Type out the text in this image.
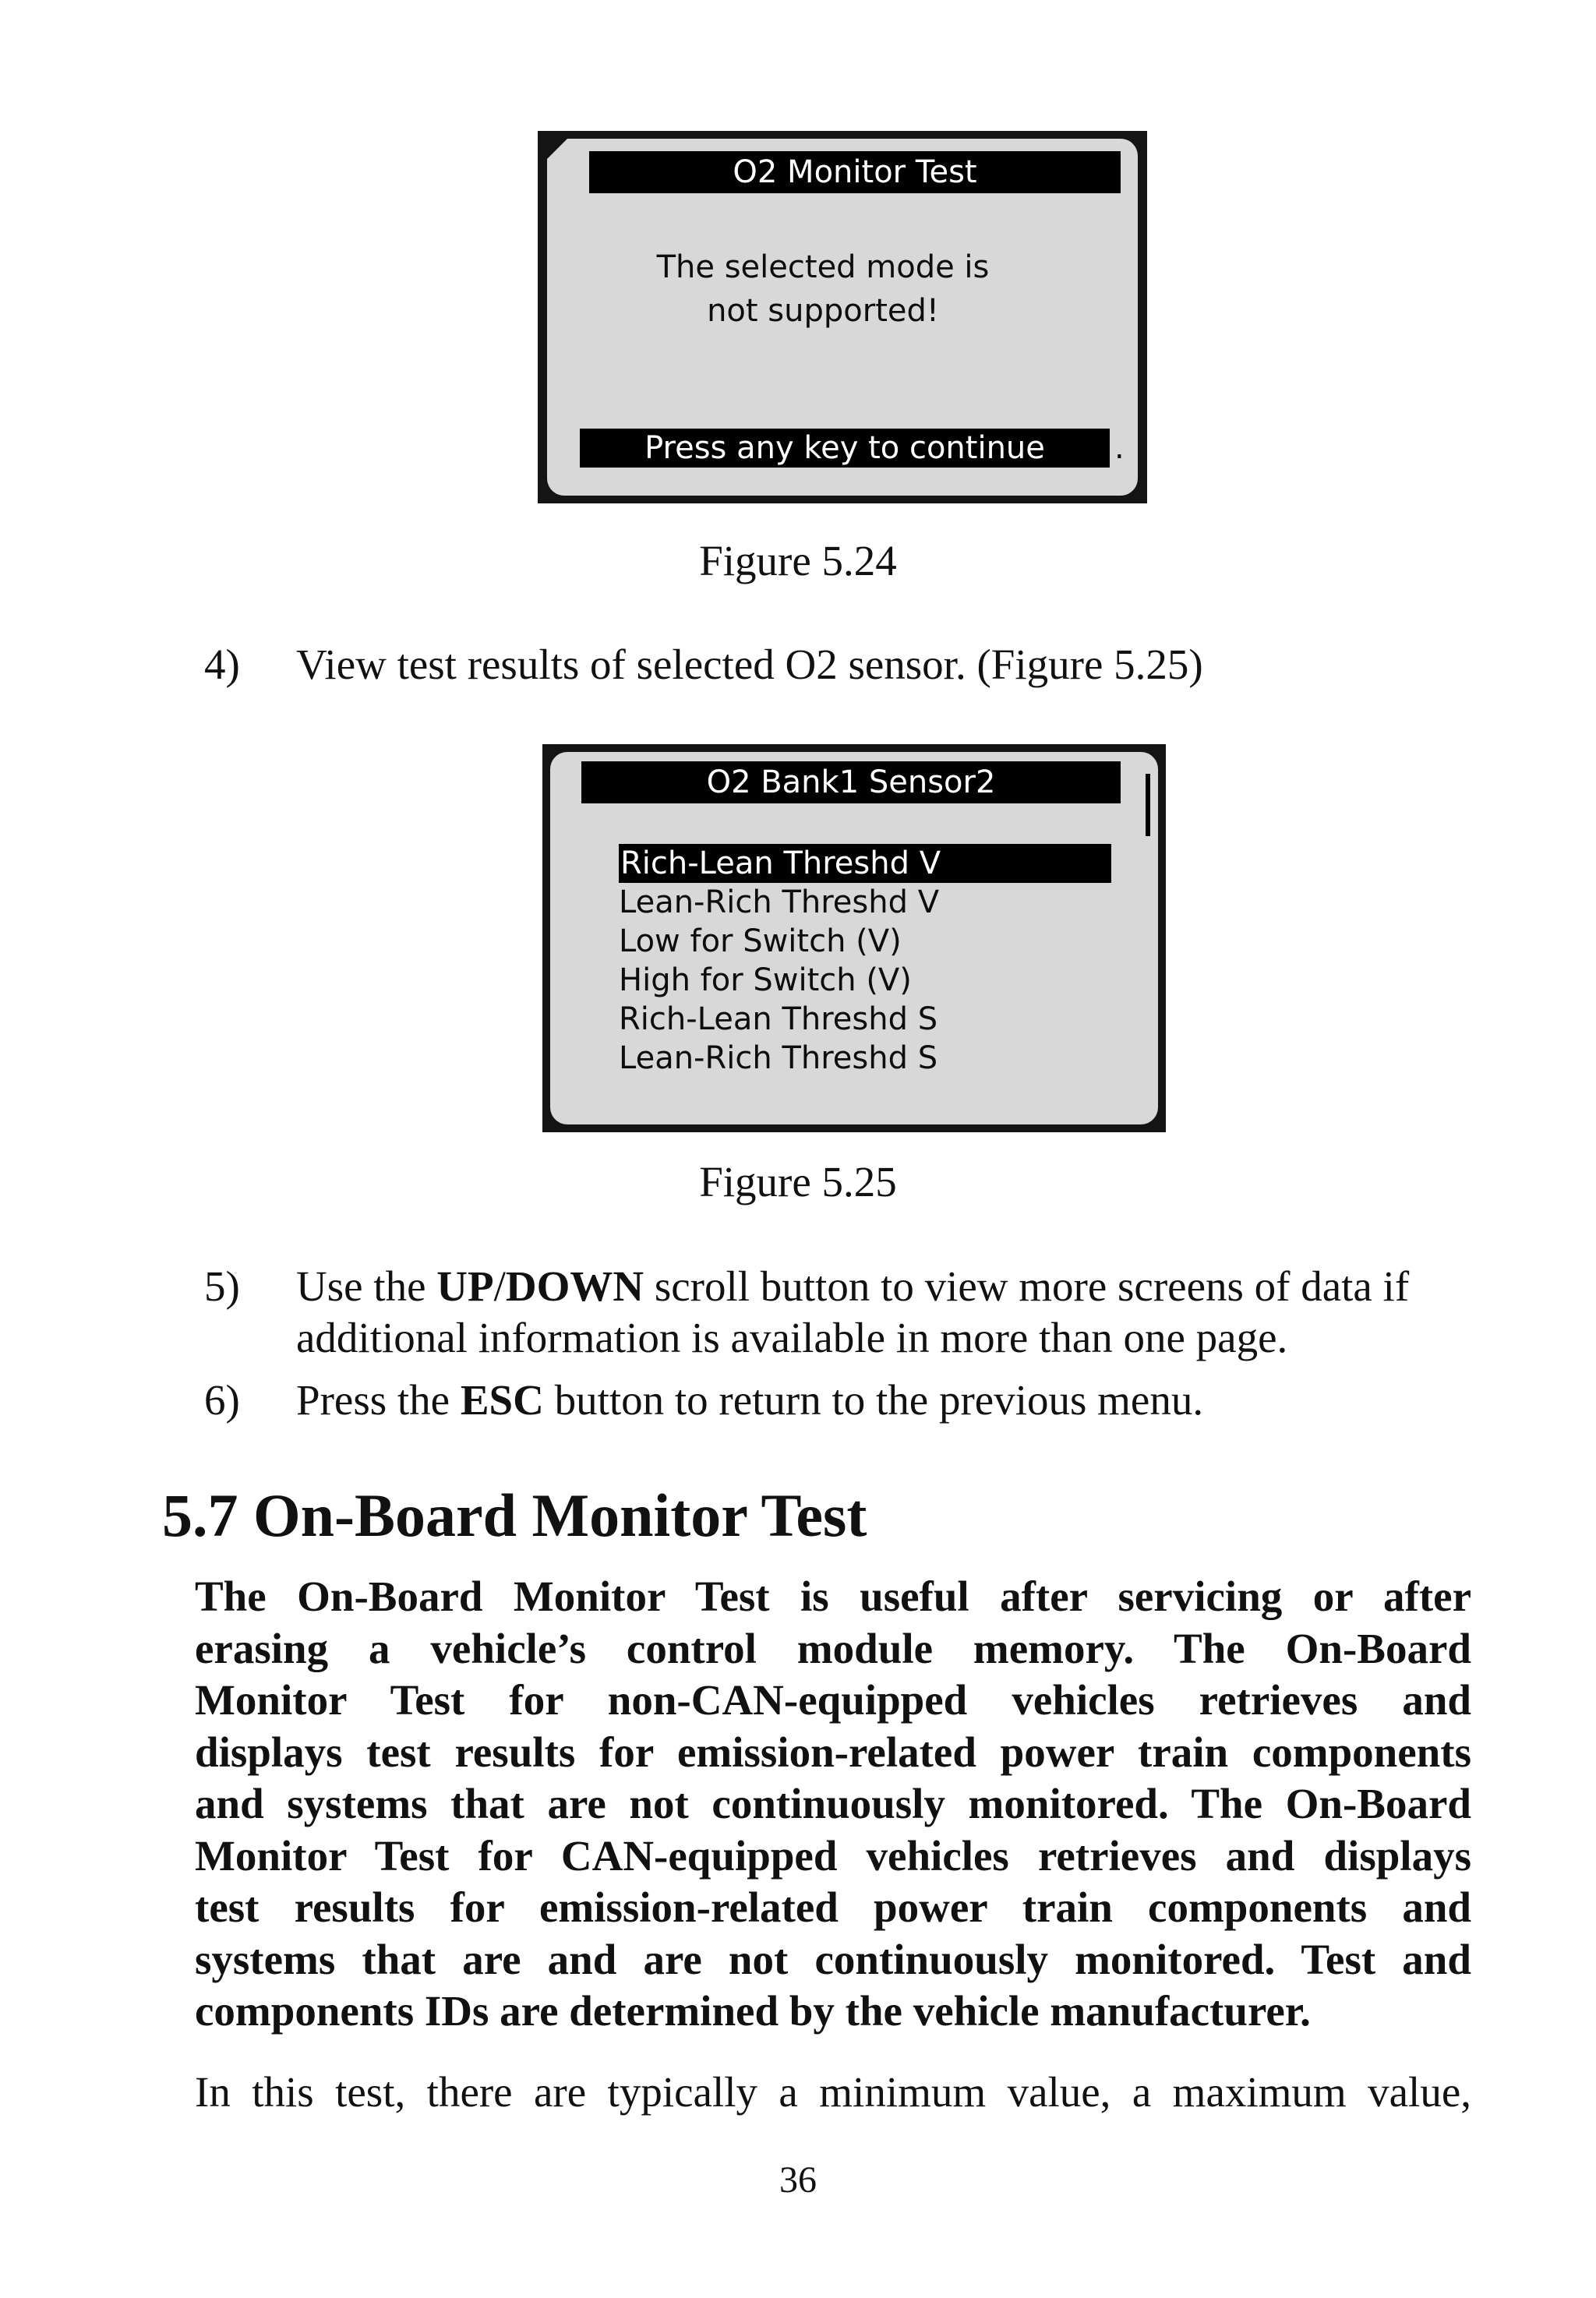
O2 Monitor Test
The selected mode is
not supported!
Press any key to continue	.
Figure 5.24
4) View test results of selected O2 sensor. (Figure 5.25)
O2 Bank1 Sensor2
Rich-Lean Threshd V
Lean-Rich Threshd V
Low for Switch (V)
High for Switch (V)
Rich-Lean Threshd S
Lean-Rich Threshd S
Figure 5.25
5) Use the UP/DOWN scroll button to view more screens of data if
additional information is available in more than one page.
6) Press the ESC button to return to the previous menu.
5.7 On-Board Monitor Test
The On-Board Monitor Test is useful after servicing or after
erasing a vehicle’s control module memory. The On-Board
Monitor Test for non-CAN-equipped vehicles retrieves and
displays test results for emission-related power train components
and systems that are not continuously monitored. The On-Board
Monitor Test for CAN-equipped vehicles retrieves and displays
test results for emission-related power train components and
systems that are and are not continuously monitored. Test and
components IDs are determined by the vehicle manufacturer.
In this test, there are typically a minimum value, a maximum value,
36
